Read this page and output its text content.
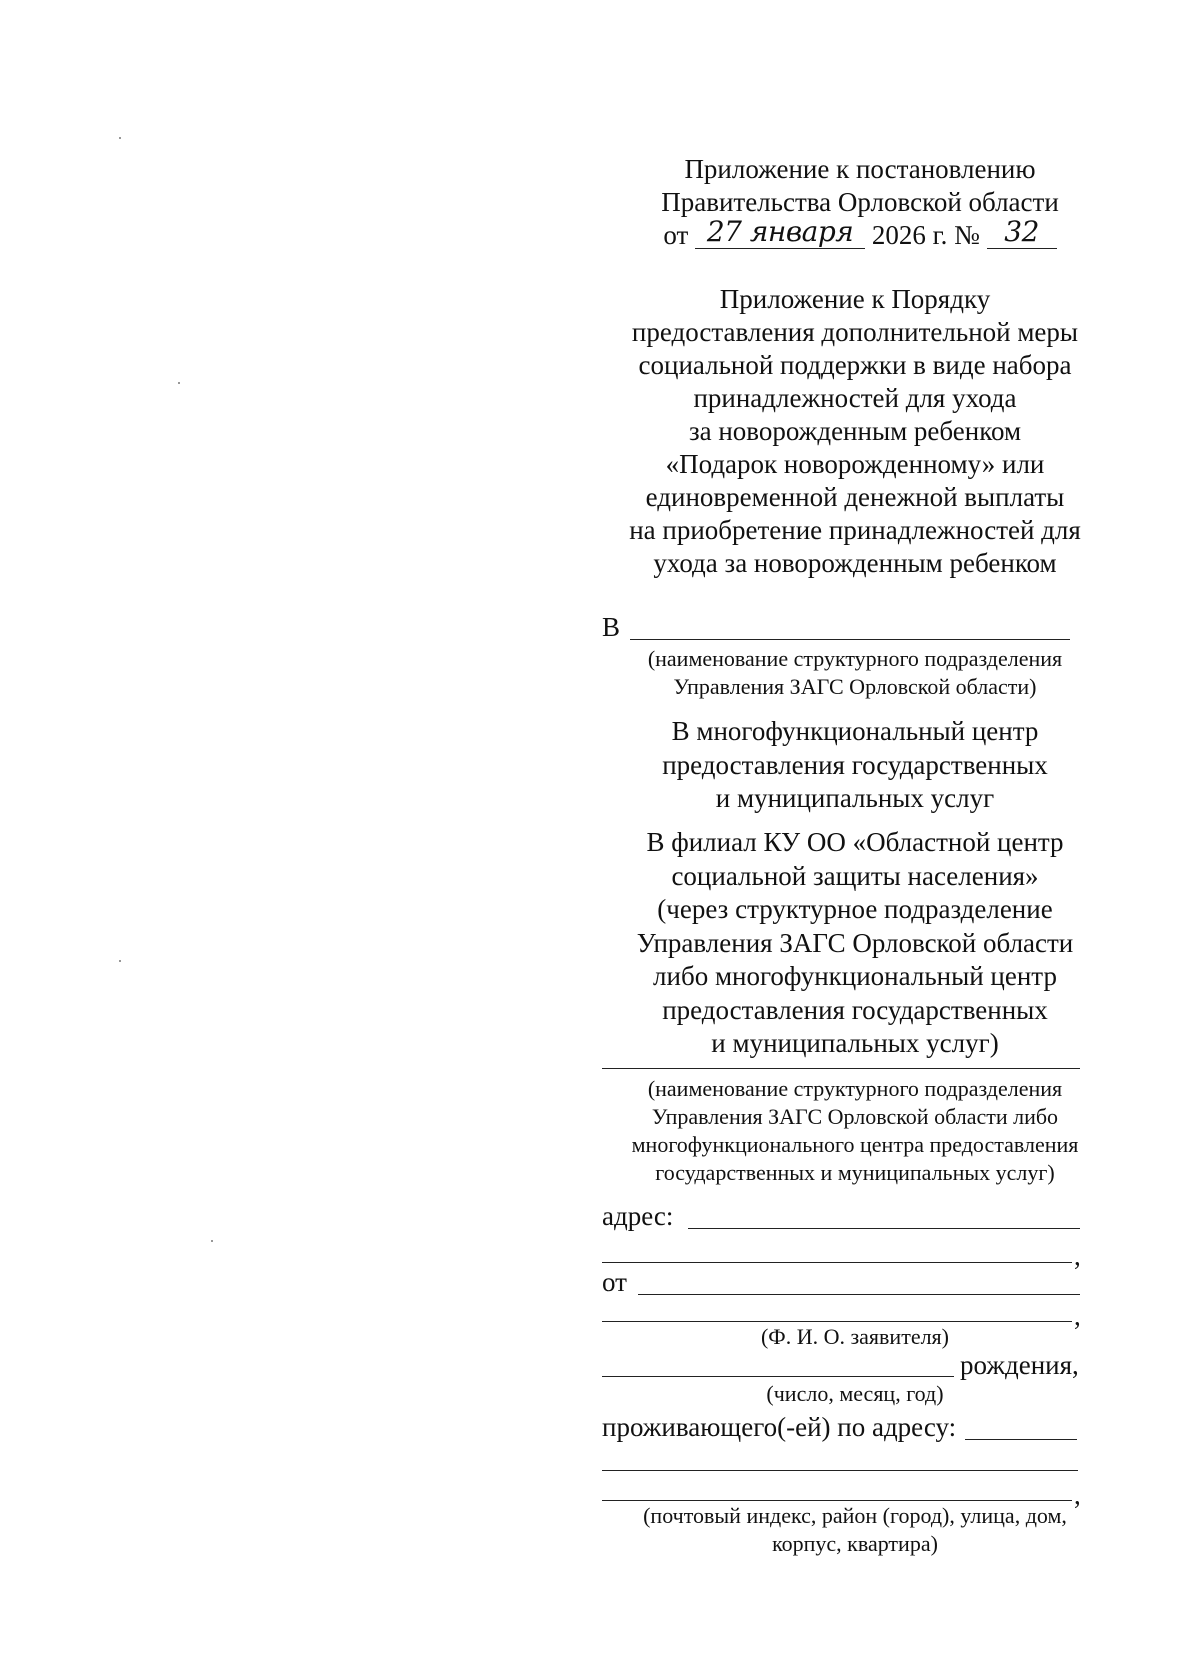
Приложение к постановлению
Правительства Орловской области
от 27 января 2026 г. № 32
Приложение к Порядку
предоставления дополнительной меры
социальной поддержки в виде набора
принадлежностей для ухода
за новорожденным ребенком
«Подарок новорожденному» или
единовременной денежной выплаты
на приобретение принадлежностей для
ухода за новорожденным ребенком
В
(наименование структурного подразделения
Управления ЗАГС Орловской области)
В многофункциональный центр
предоставления государственных
и муниципальных услуг
В филиал КУ ОО «Областной центр
социальной защиты населения»
(через структурное подразделение
Управления ЗАГС Орловской области
либо многофункциональный центр
предоставления государственных
и муниципальных услуг)
(наименование структурного подразделения
Управления ЗАГС Орловской области либо
многофункционального центра предоставления
государственных и муниципальных услуг)
адрес:
,
от
,
(Ф. И. О. заявителя)
рождения,
(число, месяц, год)
проживающего(-ей) по адресу:
,
(почтовый индекс, район (город), улица, дом,
корпус, квартира)
